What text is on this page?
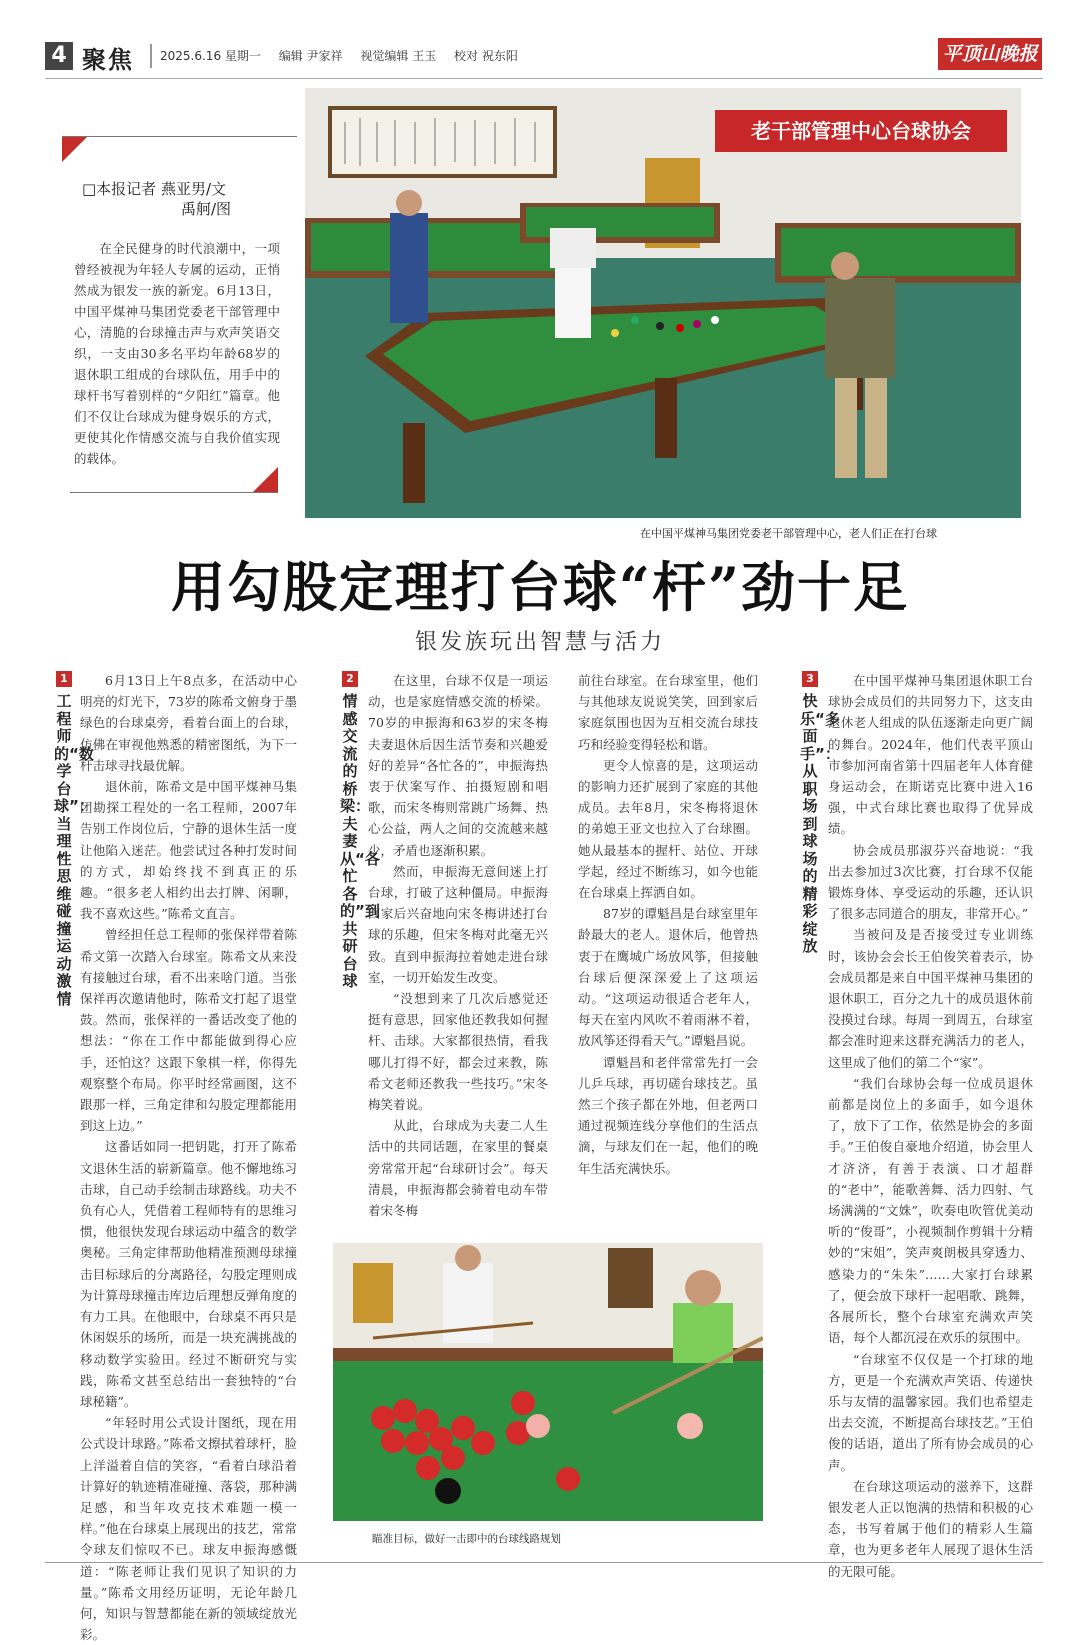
4 聚焦 2025.6.16 星期一 编辑 尹家祥 视觉编辑 王玉 校对 祝东阳	平顶山晚报
□本报记者 燕亚男/文
禹舸/图
在全民健身的时代浪潮中，一项曾经被视为年轻人专属的运动，正悄然成为银发一族的新宠。6月13日，中国平煤神马集团党委老干部管理中心，清脆的台球撞击声与欢声笑语交织，一支由30多名平均年龄68岁的退休职工组成的台球队伍，用手中的球杆书写着别样的“夕阳红”篇章。他们不仅让台球成为健身娱乐的方式，更使其化作情感交流与自我价值实现的载体。
老干部管理中心台球协会
在中国平煤神马集团党委老干部管理中心，老人们正在打台球
用勾股定理打台球“杆”劲十足
银发族玩出智慧与活力
1
工程师的“数学台球”：当理性思维碰撞运动激情
2
情感交流的桥梁：夫妻从“各忙各的”到共研台球
3
快乐“多面手”：从职场到球场的精彩绽放

6月13日上午8点多，在活动中心明亮的灯光下，73岁的陈希文俯身于墨绿色的台球桌旁，看着台面上的台球，仿佛在审视他熟悉的精密图纸，为下一杆击球寻找最优解。

退休前，陈希文是中国平煤神马集团勘探工程处的一名工程师，2007年告别工作岗位后，宁静的退休生活一度让他陷入迷茫。他尝试过各种打发时间的方式，却始终找不到真正的乐趣。“很多老人相约出去打牌、闲聊，我不喜欢这些。”陈希文直言。

曾经担任总工程师的张保祥带着陈希文第一次踏入台球室。陈希文从来没有接触过台球，看不出来啥门道。当张保祥再次邀请他时，陈希文打起了退堂鼓。然而，张保祥的一番话改变了他的想法：“你在工作中都能做到得心应手，还怕这？这跟下象棋一样，你得先观察整个布局。你平时经常画图，这不跟那一样，三角定律和勾股定理都能用到这上边。”

这番话如同一把钥匙，打开了陈希文退休生活的崭新篇章。他不懈地练习击球，自己动手绘制击球路线。功夫不负有心人，凭借着工程师特有的思维习惯，他很快发现台球运动中蕴含的数学奥秘。三角定律帮助他精准预测母球撞击目标球后的分离路径，勾股定理则成为计算母球撞击库边后理想反弹角度的有力工具。在他眼中，台球桌不再只是休闲娱乐的场所，而是一块充满挑战的移动数学实验田。经过不断研究与实践，陈希文甚至总结出一套独特的“台球秘籍”。

“年轻时用公式设计图纸，现在用公式设计球路。”陈希文擦拭着球杆，脸上洋溢着自信的笑容，“看着白球沿着计算好的轨迹精准碰撞、落袋，那种满足感，和当年攻克技术难题一模一样。”他在台球桌上展现出的技艺，常常令球友们惊叹不已。球友申振海感慨道：“陈老师让我们见识了知识的力量。”陈希文用经历证明，无论年龄几何，知识与智慧都能在新的领域绽放光彩。

在这里，台球不仅是一项运动，也是家庭情感交流的桥梁。70岁的申振海和63岁的宋冬梅夫妻退休后因生活节奏和兴趣爱好的差异“各忙各的”，申振海热衷于伏案写作、拍摄短剧和唱歌，而宋冬梅则常跳广场舞、热心公益，两人之间的交流越来越少，矛盾也逐渐积累。

然而，申振海无意间迷上打台球，打破了这种僵局。申振海回家后兴奋地向宋冬梅讲述打台球的乐趣，但宋冬梅对此毫无兴致。直到申振海拉着她走进台球室，一切开始发生改变。

“没想到来了几次后感觉还挺有意思，回家他还教我如何握杆、击球。大家都很热情，看我哪儿打得不好，都会过来教，陈希文老师还教我一些技巧。”宋冬梅笑着说。

从此，台球成为夫妻二人生活中的共同话题，在家里的餐桌旁常常开起“台球研讨会”。每天清晨，申振海都会骑着电动车带着宋冬梅

前往台球室。在台球室里，他们与其他球友说说笑笑，回到家后家庭氛围也因为互相交流台球技巧和经验变得轻松和谐。

更令人惊喜的是，这项运动的影响力还扩展到了家庭的其他成员。去年8月，宋冬梅将退休的弟媳王亚文也拉入了台球圈。她从最基本的握杆、站位、开球学起，经过不断练习，如今也能在台球桌上挥洒自如。

87岁的谭魁昌是台球室里年龄最大的老人。退休后，他曾热衷于在鹰城广场放风筝，但接触台球后便深深爱上了这项运动。“这项运动很适合老年人，每天在室内风吹不着雨淋不着，放风筝还得看天气。”谭魁昌说。

谭魁昌和老伴常常先打一会儿乒乓球，再切磋台球技艺。虽然三个孩子都在外地，但老两口通过视频连线分享他们的生活点滴，与球友们在一起，他们的晚年生活充满快乐。

在中国平煤神马集团退休职工台球协会成员们的共同努力下，这支由退休老人组成的队伍逐渐走向更广阔的舞台。2024年，他们代表平顶山市参加河南省第十四届老年人体育健身运动会，在斯诺克比赛中进入16强，中式台球比赛也取得了优异成绩。

协会成员那淑芬兴奋地说：“我出去参加过3次比赛，打台球不仅能锻炼身体、享受运动的乐趣，还认识了很多志同道合的朋友，非常开心。”

当被问及是否接受过专业训练时，该协会会长王伯俊笑着表示，协会成员都是来自中国平煤神马集团的退休职工，百分之九十的成员退休前没摸过台球。每周一到周五，台球室都会准时迎来这群充满活力的老人，这里成了他们的第二个“家”。

“我们台球协会每一位成员退休前都是岗位上的多面手，如今退休了，放下了工作，依然是协会的多面手。”王伯俊自豪地介绍道，协会里人才济济，有善于表演、口才超群的“老中”，能歌善舞、活力四射、气场满满的“文姝”，吹奏电吹管优美动听的“俊哥”，小视频制作剪辑十分精妙的“宋姐”，笑声爽朗极具穿透力、感染力的“朱朱”……大家打台球累了，便会放下球杆一起唱歌、跳舞，各展所长，整个台球室充满欢声笑语，每个人都沉浸在欢乐的氛围中。

“台球室不仅仅是一个打球的地方，更是一个充满欢声笑语、传递快乐与友情的温馨家园。我们也希望走出去交流，不断提高台球技艺。”王伯俊的话语，道出了所有协会成员的心声。

在台球这项运动的滋养下，这群银发老人正以饱满的热情和积极的心态，书写着属于他们的精彩人生篇章，也为更多老年人展现了退休生活的无限可能。

瞄准目标，做好一击即中的台球线路规划
